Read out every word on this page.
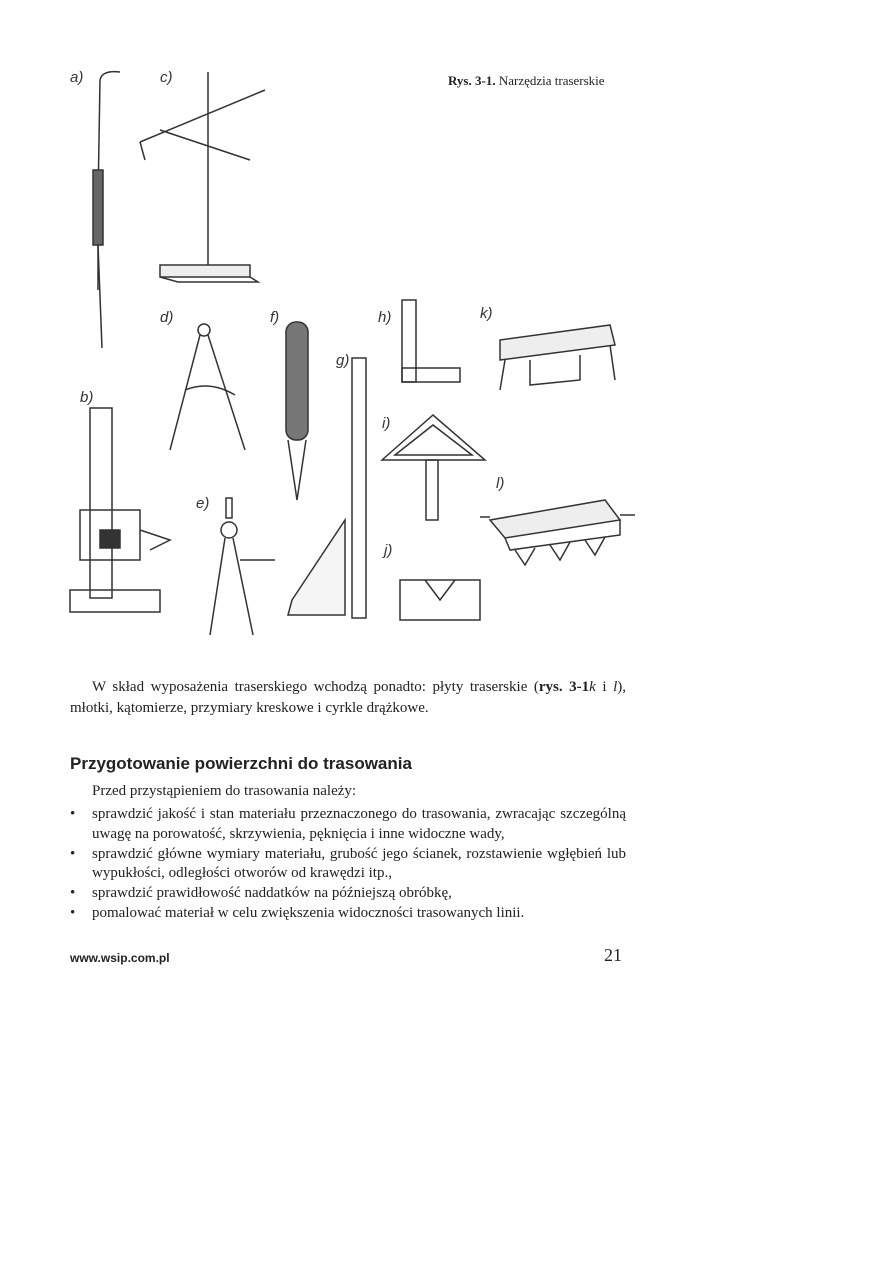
a)
b)
c)
d)
e)
f)
g)
h)
i)
j)
k)
l)
Rys. 3-1. Narzędzia traserskie

W skład wyposażenia traserskiego wchodzą ponadto: płyty traserskie (rys. 3-1k i l), młotki, kątomierze, przymiary kreskowe i cyrkle drążkowe.

Przygotowanie powierzchni do trasowania
Przed przystąpieniem do trasowania należy:
• sprawdzić jakość i stan materiału przeznaczonego do trasowania, zwracając szczególną uwagę na porowatość, skrzywienia, pęknięcia i inne widoczne wady,
• sprawdzić główne wymiary materiału, grubość jego ścianek, rozstawienie wgłębień lub wypukłości, odległości otworów od krawędzi itp.,
• sprawdzić prawidłowość naddatków na późniejszą obróbkę,
• pomalować materiał w celu zwiększenia widoczności trasowanych linii.
www.wsip.com.pl	21
